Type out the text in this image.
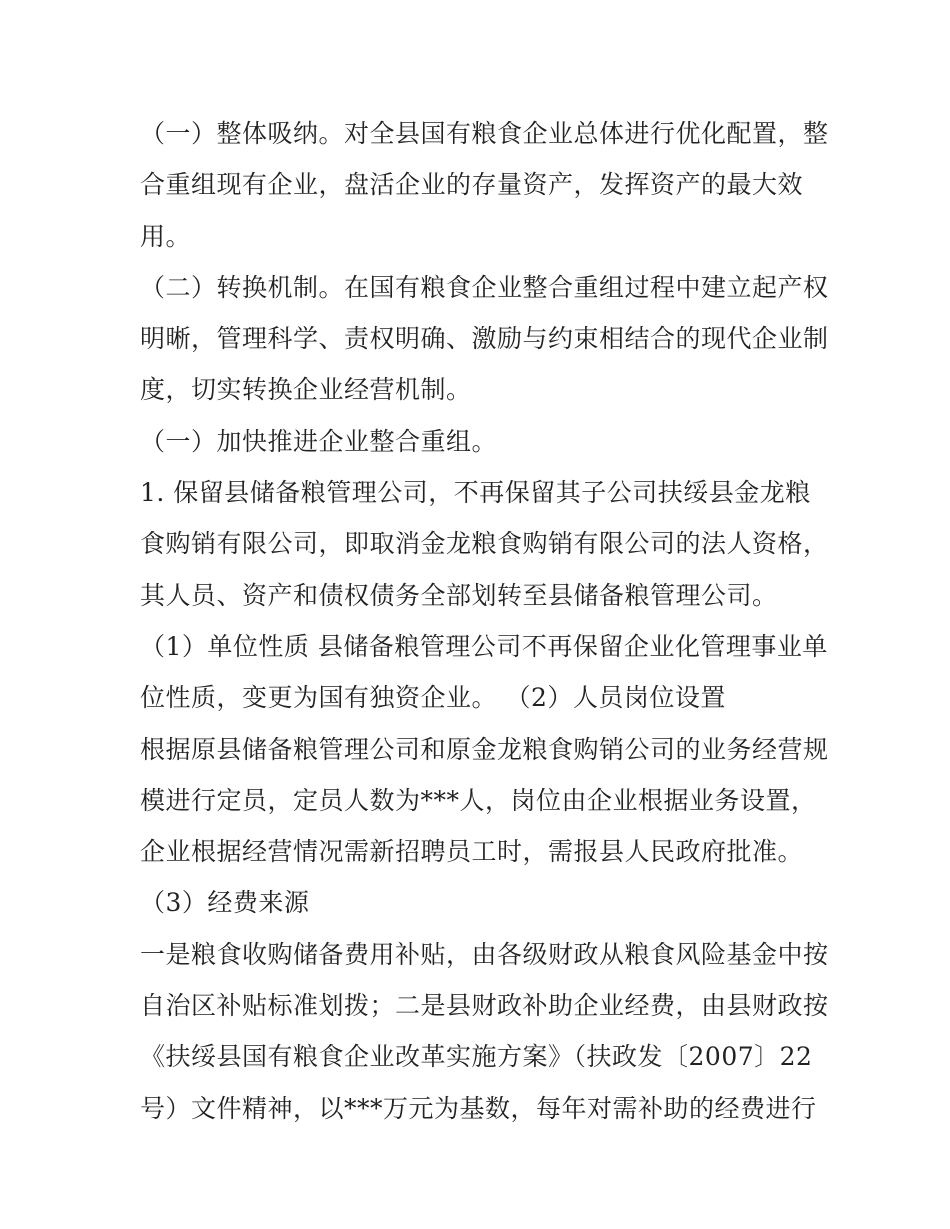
（一）整体吸纳。对全县国有粮食企业总体进行优化配置，整
合重组现有企业，盘活企业的存量资产，发挥资产的最大效
用。
（二）转换机制。在国有粮食企业整合重组过程中建立起产权
明晰，管理科学、责权明确、激励与约束相结合的现代企业制
度，切实转换企业经营机制。
（一）加快推进企业整合重组。
1. 保留县储备粮管理公司，不再保留其子公司扶绥县金龙粮
食购销有限公司，即取消金龙粮食购销有限公司的法人资格，
其人员、资产和债权债务全部划转至县储备粮管理公司。
（1）单位性质 县储备粮管理公司不再保留企业化管理事业单
位性质，变更为国有独资企业。 （2）人员岗位设置
根据原县储备粮管理公司和原金龙粮食购销公司的业务经营规
模进行定员，定员人数为***人，岗位由企业根据业务设置，
企业根据经营情况需新招聘员工时，需报县人民政府批准。
（3）经费来源
一是粮食收购储备费用补贴，由各级财政从粮食风险基金中按
自治区补贴标准划拨；二是县财政补助企业经费，由县财政按
《扶绥县国有粮食企业改革实施方案》（扶政发〔2007〕22
号）文件精神，以***万元为基数，每年对需补助的经费进行
